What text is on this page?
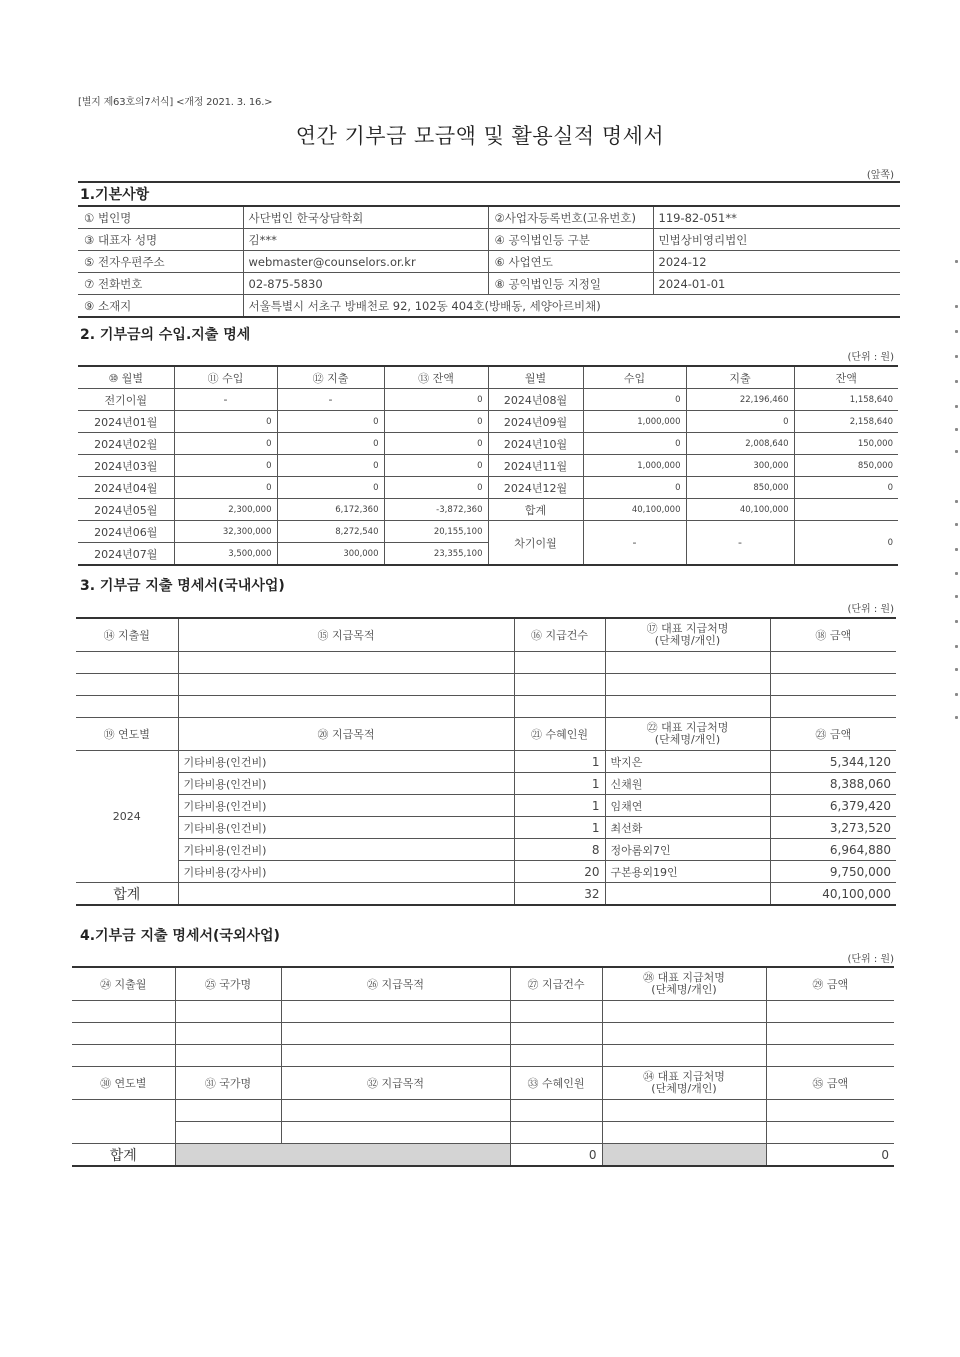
[별지 제63호의7서식] <개정 2021. 3. 16.>
연간 기부금 모금액 및 활용실적 명세서
(앞쪽)
1.기본사항
① 법인명	사단법인 한국상담학회	②사업자등록번호(고유번호)	119-82-051**
③ 대표자 성명	김***	④ 공익법인등 구분	민법상비영리법인
⑤ 전자우편주소	webmaster@counselors.or.kr	⑥ 사업연도	2024-12
⑦ 전화번호	02-875-5830	⑧ 공익법인등 지정일	2024-01-01
⑨ 소재지	서울특별시 서초구 방배천로 92, 102동 404호(방배동, 세양아르비채)		
2. 기부금의 수입.지출 명세
(단위 : 원)
⑩ 월별	⑪ 수입	⑫ 지출	⑬ 잔액	월별	수입	지출	잔액
전기이월	-	-	0	2024년08월	0	22,196,460	1,158,640
2024년01월	0	0	0	2024년09월	1,000,000	0	2,158,640
2024년02월	0	0	0	2024년10월	0	2,008,640	150,000
2024년03월	0	0	0	2024년11월	1,000,000	300,000	850,000
2024년04월	0	0	0	2024년12월	0	850,000	0
2024년05월	2,300,000	6,172,360	-3,872,360	합계	40,100,000	40,100,000	
2024년06월	32,300,000	8,272,540	20,155,100	차기이월	-	-	0
2024년07월	3,500,000	300,000	23,355,100				
3. 기부금 지출 명세서(국내사업)
(단위 : 원)
⑭ 지출월	⑮ 지급목적	⑯ 지급건수	⑰ 대표 지급처명
(단체명/개인)	⑱ 금액

⑲ 연도별	⑳ 지급목적	㉑ 수혜인원	㉒ 대표 지급처명
(단체명/개인)	㉓ 금액
2024	기타비용(인건비)	1	박지은	5,344,120
	기타비용(인건비)	1	신채원	8,388,060
	기타비용(인건비)	1	임채연	6,379,420
	기타비용(인건비)	1	최선화	3,273,520
	기타비용(인건비)	8	정아롬외7인	6,964,880
	기타비용(강사비)	20	구본용외19인	9,750,000
합계		32		40,100,000
4.기부금 지출 명세서(국외사업)
(단위 : 원)
㉔ 지출월	㉕ 국가명	㉖ 지급목적	㉗ 지급건수	㉘ 대표 지급처명
(단체명/개인)	㉙ 금액

㉚ 연도별	㉛ 국가명	㉜ 지급목적	㉝ 수혜인원	㉞ 대표 지급처명
(단체명/개인)	㉟ 금액

합계			0		0
